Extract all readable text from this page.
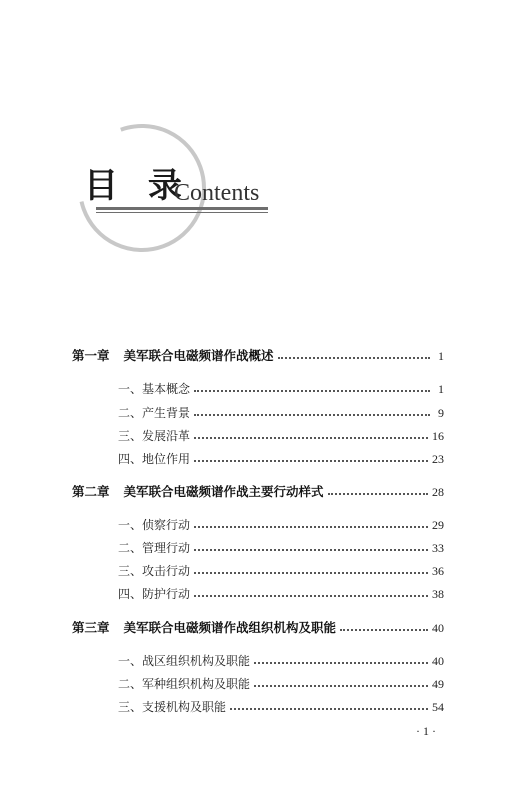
目 录
Contents
第一章 美军联合电磁频谱作战概述	1
一、基本概念	1
二、产生背景	9
三、发展沿革	16
四、地位作用	23
第二章 美军联合电磁频谱作战主要行动样式	28
一、侦察行动	29
二、管理行动	33
三、攻击行动	36
四、防护行动	38
第三章 美军联合电磁频谱作战组织机构及职能	40
一、战区组织机构及职能	40
二、军种组织机构及职能	49
三、支援机构及职能	54
· 1 ·
